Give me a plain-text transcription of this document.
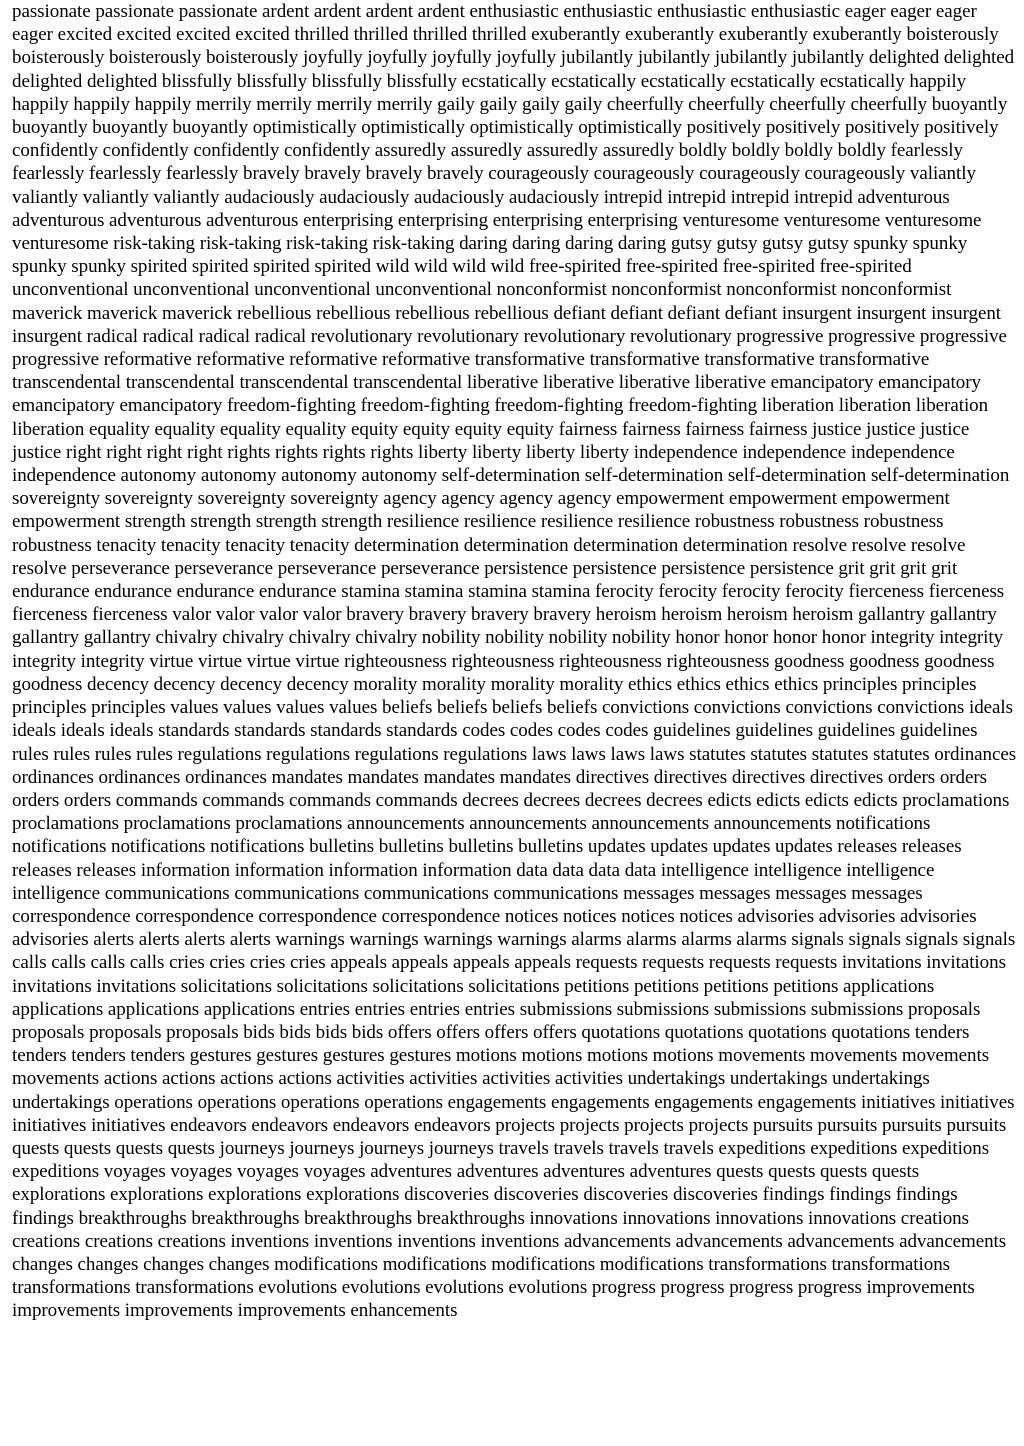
passionate passionate passionate ardent ardent ardent ardent enthusiastic enthusiastic enthusiastic enthusiastic eager eager eager eager excited excited excited excited thrilled thrilled thrilled thrilled exuberantly exuberantly exuberantly exuberantly boisterously boisterously boisterously boisterously joyfully joyfully joyfully joyfully jubilantly jubilantly jubilantly jubilantly delighted delighted delighted delighted blissfully blissfully blissfully blissfully ecstatically ecstatically ecstatically ecstatically ecstatically happily happily happily happily merrily merrily merrily merrily gaily gaily gaily gaily cheerfully cheerfully cheerfully cheerfully buoyantly buoyantly buoyantly buoyantly optimistically optimistically optimistically optimistically positively positively positively positively confidently confidently confidently confidently assuredly assuredly assuredly assuredly boldly boldly boldly boldly fearlessly fearlessly fearlessly fearlessly bravely bravely bravely bravely courageously courageously courageously courageously valiantly valiantly valiantly valiantly audaciously audaciously audaciously audaciously intrepid intrepid intrepid intrepid adventurous adventurous adventurous adventurous enterprising enterprising enterprising enterprising venturesome venturesome venturesome venturesome risk-taking risk-taking risk-taking risk-taking daring daring daring daring gutsy gutsy gutsy gutsy spunky spunky spunky spunky spirited spirited spirited spirited wild wild wild wild free-spirited free-spirited free-spirited free-spirited unconventional unconventional unconventional unconventional nonconformist nonconformist nonconformist nonconformist maverick maverick maverick rebellious rebellious rebellious rebellious defiant defiant defiant defiant insurgent insurgent insurgent insurgent radical radical radical radical revolutionary revolutionary revolutionary revolutionary progressive progressive progressive progressive reformative reformative reformative reformative transformative transformative transformative transformative transcendental transcendental transcendental transcendental liberative liberative liberative liberative emancipatory emancipatory emancipatory emancipatory freedom-fighting freedom-fighting freedom-fighting freedom-fighting liberation liberation liberation liberation equality equality equality equality equity equity equity equity fairness fairness fairness fairness justice justice justice justice right right right right rights rights rights rights liberty liberty liberty liberty independence independence independence independence autonomy autonomy autonomy autonomy self-determination self-determination self-determination self-determination sovereignty sovereignty sovereignty sovereignty agency agency agency agency empowerment empowerment empowerment empowerment strength strength strength strength resilience resilience resilience resilience robustness robustness robustness robustness tenacity tenacity tenacity tenacity determination determination determination determination resolve resolve resolve resolve perseverance perseverance perseverance perseverance persistence persistence persistence persistence grit grit grit grit endurance endurance endurance endurance stamina stamina stamina stamina ferocity ferocity ferocity ferocity fierceness fierceness fierceness fierceness valor valor valor valor bravery bravery bravery bravery heroism heroism heroism heroism gallantry gallantry gallantry gallantry chivalry chivalry chivalry chivalry nobility nobility nobility nobility honor honor honor honor integrity integrity integrity integrity virtue virtue virtue virtue righteousness righteousness righteousness righteousness goodness goodness goodness goodness decency decency decency decency morality morality morality morality ethics ethics ethics ethics principles principles principles principles values values values values beliefs beliefs beliefs beliefs convictions convictions convictions convictions ideals ideals ideals ideals standards standards standards standards codes codes codes codes guidelines guidelines guidelines guidelines rules rules rules rules regulations regulations regulations regulations laws laws laws laws statutes statutes statutes statutes ordinances ordinances ordinances ordinances mandates mandates mandates mandates directives directives directives directives orders orders orders orders commands commands commands commands decrees decrees decrees decrees edicts edicts edicts edicts proclamations proclamations proclamations proclamations announcements announcements announcements announcements notifications notifications notifications notifications bulletins bulletins bulletins bulletins updates updates updates updates releases releases releases releases information information information information data data data data intelligence intelligence intelligence intelligence communications communications communications communications messages messages messages messages correspondence correspondence correspondence correspondence notices notices notices notices advisories advisories advisories advisories alerts alerts alerts alerts warnings warnings warnings warnings alarms alarms alarms alarms signals signals signals signals calls calls calls calls cries cries cries cries appeals appeals appeals appeals requests requests requests requests invitations invitations invitations invitations solicitations solicitations solicitations solicitations petitions petitions petitions petitions applications applications applications applications entries entries entries entries submissions submissions submissions submissions proposals proposals proposals proposals bids bids bids bids offers offers offers offers quotations quotations quotations quotations tenders tenders tenders tenders gestures gestures gestures gestures motions motions motions motions movements movements movements movements actions actions actions actions activities activities activities activities undertakings undertakings undertakings undertakings operations operations operations operations engagements engagements engagements engagements initiatives initiatives initiatives initiatives endeavors endeavors endeavors endeavors projects projects projects projects pursuits pursuits pursuits pursuits quests quests quests quests journeys journeys journeys journeys travels travels travels travels expeditions expeditions expeditions expeditions voyages voyages voyages voyages adventures adventures adventures adventures quests quests quests quests explorations explorations explorations explorations discoveries discoveries discoveries discoveries findings findings findings findings breakthroughs breakthroughs breakthroughs breakthroughs innovations innovations innovations innovations creations creations creations creations inventions inventions inventions inventions advancements advancements advancements advancements changes changes changes changes modifications modifications modifications modifications transformations transformations transformations transformations evolutions evolutions evolutions evolutions progress progress progress progress improvements improvements improvements improvements enhancements
